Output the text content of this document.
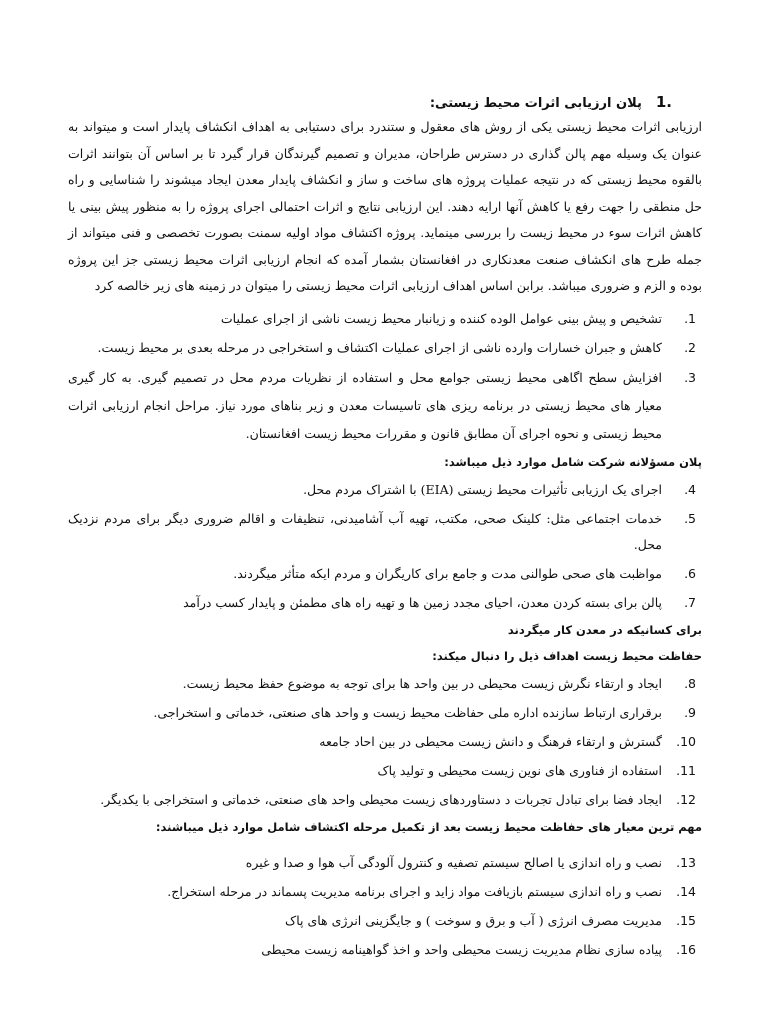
1.
پلان ارزیابی اثرات محیط زیستی:

ارزیابی اثرات محیط زیستی یکی از روش های معقول و ستندرد برای دستیابی به اهداف انکشاف پایدار است و میتواند به عنوان یک وسیله مهم پالن گذاری در دسترس طراحان، مدیران و تصمیم گیرندگان قرار گیرد تا بر اساس آن بتوانند اثرات بالقوه محیط زیستی که در نتیجه عملیات پروژه های ساخت و ساز و انکشاف پایدار معدن ایجاد میشوند را شناسایی و راه حل منطقی را جهت رفع یا کاهش آنها ارایه دهند. این ارزیابی نتایج و اثرات احتمالی اجرای پروژه را به منظور پیش بینی یا کاهش اثرات سوء در محیط زیست را بررسی مینماید. پروژه اکتشاف مواد اولیه سمنت بصورت تخصصی و فنی میتواند از جمله طرح های انکشاف صنعت معدنکاری در افغانستان بشمار آمده که انجام ارزیابی اثرات محیط زیستی جز این پروژه بوده و الزم و ضروری میباشد. برابن اساس اهداف ارزیابی اثرات محیط زیستی را میتوان در زمینه های زیر خالصه کرد

.1
تشخیص و پیش بینی عوامل الوده کننده و زیانبار محیط زیست ناشی از اجرای عملیات
.2
کاهش و جبران خسارات وارده ناشی از اجرای عملیات اکتشاف و استخراجی در مرحله بعدی بر محیط زیست.
.3
افزایش سطح اگاهی محیط زیستی جوامع محل و استفاده از نظریات مردم محل در تصمیم گیری. به کار گیری معیار های محیط زیستی در برنامه ریزی های تاسیسات معدن و زیر بناهای مورد نیاز. مراحل انجام ارزیابی اثرات محیط زیستی و نحوه اجرای آن مطابق قانون و مقررات محیط زیست افغانستان.
پلان مسؤلانه شرکت شامل موارد ذیل میباشد:
.4
اجرای یک ارزیابی تأثیرات محیط زیستی (EIA) با اشتراک مردم محل.
.5
خدمات اجتماعی مثل: کلینک صحی، مکتب، تهیه آب آشامیدنی، تنظیفات و اقالم ضروری دیگر برای مردم نزدیک محل.
.6
مواظبت های صحی طوالنی مدت و جامع برای کاریگران و مردم ایکه متأثر میگردند.
.7
پالن برای بسته کردن معدن، احیای مجدد زمین ها و تهیه راه های مطمئن و پایدار کسب درآمد
برای کسانیکه در معدن کار میگردند
حفاظت محیط زیست اهداف ذیل را دنبال میکند:
.8
ایجاد و ارتقاء نگرش زیست محیطی در بین واحد ها برای توجه به موضوع حفظ محیط زیست.
.9
برقراری ارتباط سازنده اداره ملی حفاظت محیط زیست و واحد های صنعتی، خدماتی و استخراجی.
.10
گسترش و ارتقاء فرهنگ و دانش زیست محیطی در بین احاد جامعه
.11
استفاده از فناوری های نوین زیست محیطی و تولید پاک
.12
ایجاد فضا برای تبادل تجربات د دستاوردهای زیست محیطی واحد های صنعتی، خدماتی و استخراجی با یکدیگر.
مهم ترین معیار های حفاظت محیط زیست بعد از تکمیل مرحله اکتشاف شامل موارد ذیل میباشند:
.13
نصب و راه اندازی یا اصالح سیستم تصفیه و کنترول آلودگی آب هوا و صدا و غیره
.14
نصب و راه اندازی سیستم بازیافت مواد زاید و اجرای برنامه مدیریت پسماند در مرحله استخراج.
.15
مدیریت مصرف انرژی ( آب و برق و سوخت ) و جایگزینی انرژی های پاک
.16
پیاده سازی نظام مدیریت زیست محیطی واحد و اخذ گواهینامه زیست محیطی
